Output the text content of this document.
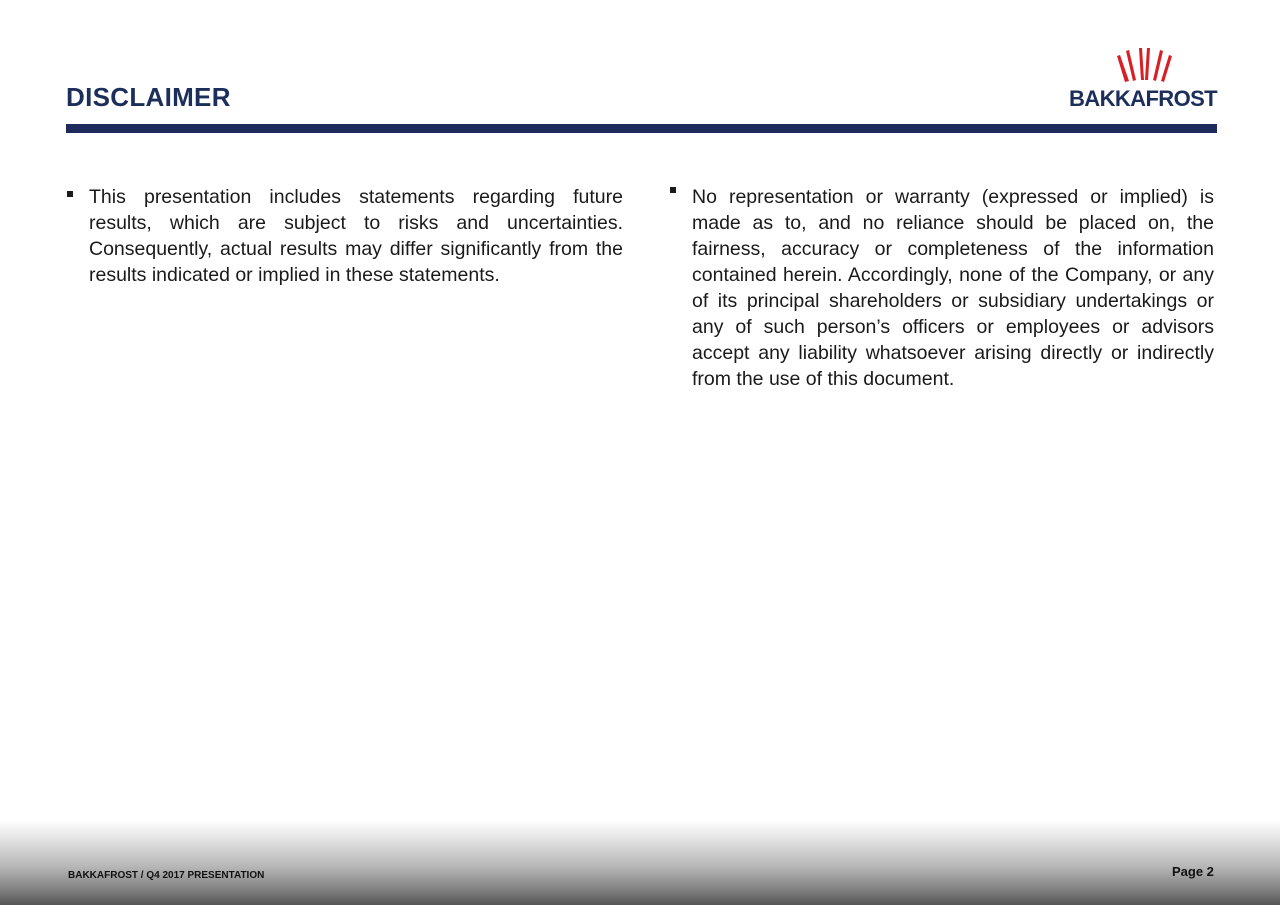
DISCLAIMER	BAKKAFROST
This presentation includes statements regarding future results, which are subject to risks and uncertainties. Consequently, actual results may differ significantly from the results indicated or implied in these statements.
No representation or warranty (expressed or implied) is made as to, and no reliance should be placed on, the fairness, accuracy or completeness of the information contained herein. Accordingly, none of the Company, or any of its principal shareholders or subsidiary undertakings or any of such person’s officers or employees or advisors accept any liability whatsoever arising directly or indirectly from the use of this document.
BAKKAFROST / Q4 2017 PRESENTATION	Page 2
